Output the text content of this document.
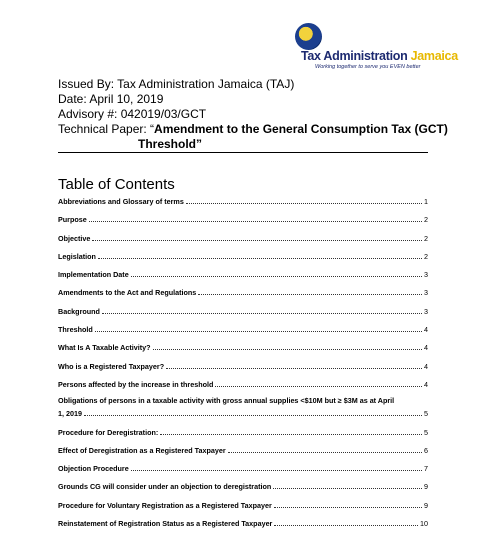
Tax Administration Jamaica
Working together to serve you EVEN better
Issued By: Tax Administration Jamaica (TAJ)
Date: April 10, 2019
Advisory #: 042019/03/GCT
Technical Paper: “Amendment to the General Consumption Tax (GCT)
Threshold”
Table of Contents
Abbreviations and Glossary of terms	1
Purpose	2
Objective	2
Legislation	2
Implementation Date	3
Amendments to the Act and Regulations	3
Background	3
Threshold	4
What Is A Taxable Activity?	4
Who is a Registered Taxpayer?	4
Persons affected by the increase in threshold	4
Obligations of persons in a taxable activity with gross annual supplies <$10M but ≥ $3M as at April
1, 2019	5
Procedure for Deregistration:	5
Effect of Deregistration as a Registered Taxpayer	6
Objection Procedure	7
Grounds CG will consider under an objection to deregistration	9
Procedure for Voluntary Registration as a Registered Taxpayer	9
Reinstatement of Registration Status as a Registered Taxpayer	10
